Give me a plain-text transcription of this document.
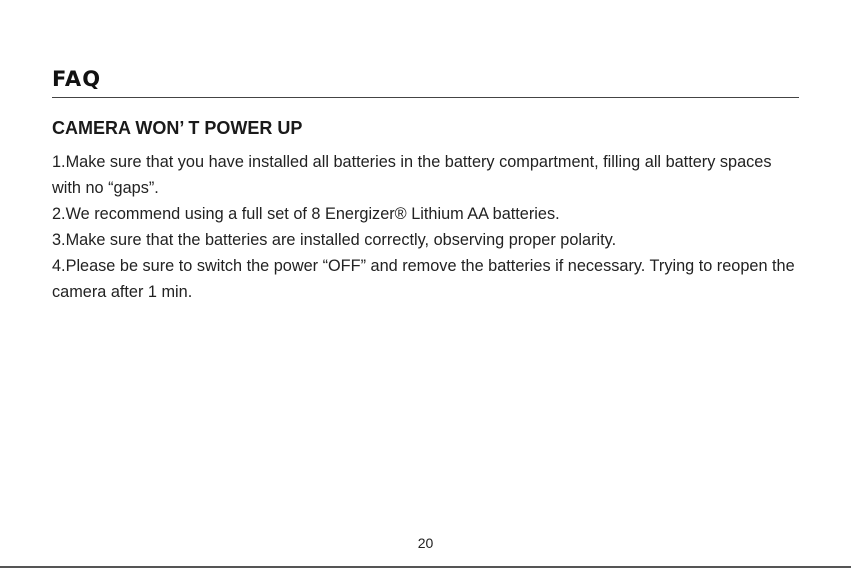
FAQ
CAMERA WON’ T POWER UP
1.Make sure that you have installed all batteries in the battery compartment, filling all battery spaces with no “gaps”.
2.We recommend using a full set of 8 Energizer® Lithium AA batteries.
3.Make sure that the batteries are installed correctly, observing proper polarity.
4.Please be sure to switch the power “OFF” and remove the batteries if necessary. Trying to reopen the camera after 1 min.
20
